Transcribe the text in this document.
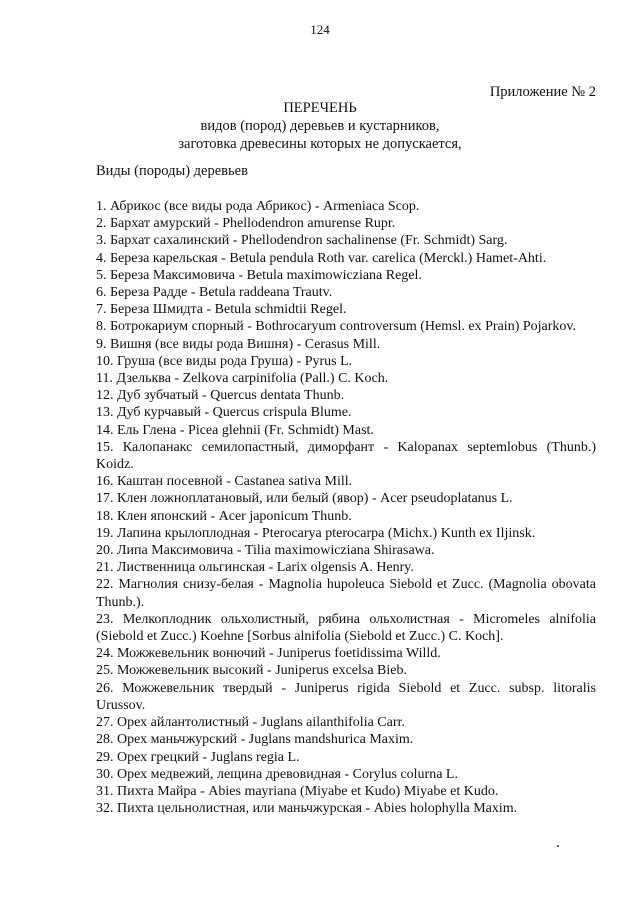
124
Приложение № 2
ПЕРЕЧЕНЬ
видов (пород) деревьев и кустарников,
заготовка древесины которых не допускается,
Виды (породы) деревьев
1. Абрикос (все виды рода Абрикос) - Armeniaca Scop.
2. Бархат амурский - Phellodendron amurense Rupr.
3. Бархат сахалинский - Phellodendron sachalinense (Fr. Schmidt) Sarg.
4. Береза карельская - Betula pendula Roth var. carelica (Merckl.) Hamet-Ahti.
5. Береза Максимовича - Betula maximowicziana Regel.
6. Береза Радде - Betula raddeana Trautv.
7. Береза Шмидта - Betula schmidtii Regel.
8. Ботрокариум спорный - Bothrocaryum controversum (Hemsl. ex Prain) Pojarkov.
9. Вишня (все виды рода Вишня) - Cerasus Mill.
10. Груша (все виды рода Груша) - Pyrus L.
11. Дзельква - Zelkova carpinifolia (Pall.) C. Koch.
12. Дуб зубчатый - Quercus dentata Thunb.
13. Дуб курчавый - Quercus crispula Blume.
14. Ель Глена - Picea glehnii (Fr. Schmidt) Mast.
15. Калопанакс семилопастный, диморфант - Kalopanax septemlobus (Thunb.) Koidz.
16. Каштан посевной - Castanea sativa Mill.
17. Клен ложноплатановый, или белый (явор) - Acer pseudoplatanus L.
18. Клен японский - Acer japonicum Thunb.
19. Лапина крылоплодная - Pterocarya pterocarpa (Michx.) Kunth ex Iljinsk.
20. Липа Максимовича - Tilia maximowicziana Shirasawa.
21. Лиственница ольгинская - Larix olgensis A. Henry.
22. Магнолия снизу-белая - Magnolia hupoleuca Siebold et Zucc. (Magnolia obovata Thunb.).
23. Мелкоплодник ольхолистный, рябина ольхолистная - Micromeles alnifolia (Siebold et Zucc.) Koehne [Sorbus alnifolia (Siebold et Zucc.) C. Koch].
24. Можжевельник вонючий - Juniperus foetidissima Willd.
25. Можжевельник высокий - Juniperus excelsa Bieb.
26. Можжевельник твердый - Juniperus rigida Siebold et Zucc. subsp. litoralis Urussov.
27. Орех айлантолистный - Juglans ailanthifolia Carr.
28. Орех маньчжурский - Juglans mandshurica Maxim.
29. Орех грецкий - Juglans regia L.
30. Орех медвежий, лещина древовидная - Corylus colurna L.
31. Пихта Майра - Abies mayriana (Miyabe et Kudo) Miyabe et Kudo.
32. Пихта цельнолистная, или маньчжурская - Abies holophylla Maxim.
